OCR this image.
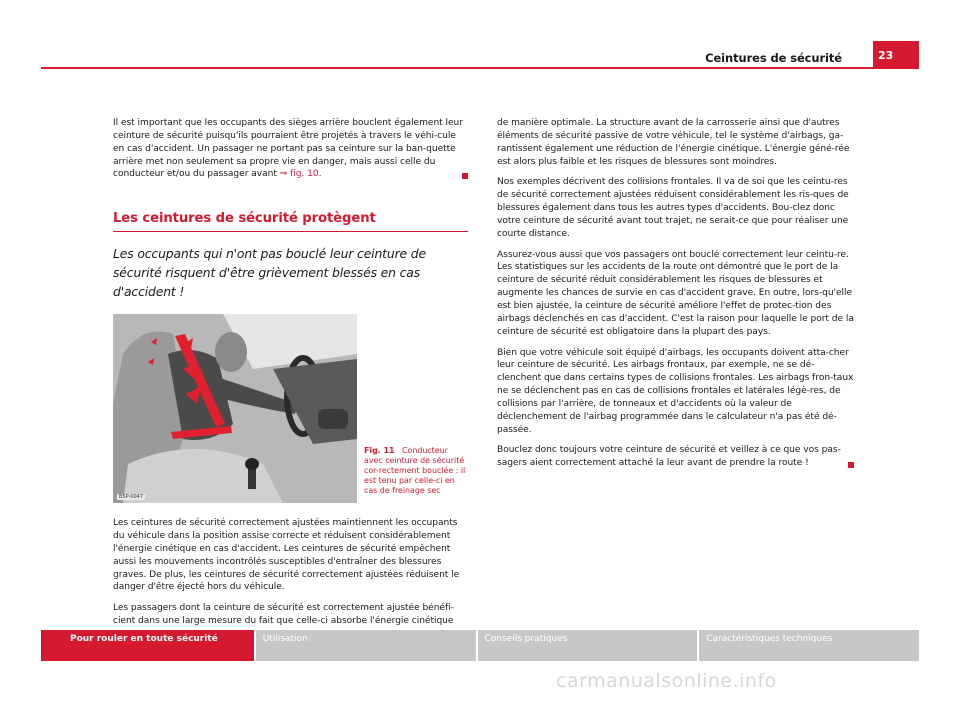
Ceintures de sécurité	23

Il est important que les occupants des sièges arrière bouclent également leur ceinture de sécurité puisqu'ils pourraient être projetés à travers le véhi-cule en cas d'accident. Un passager ne portant pas sa ceinture sur la ban-quette arrière met non seulement sa propre vie en danger, mais aussi celle du conducteur et/ou du passager avant ⇒ fig. 10.

Les ceintures de sécurité protègent
Les occupants qui n'ont pas bouclé leur ceinture de sécurité risquent d'être grièvement blessés en cas d'accident !
B5P-0047
Fig. 11 Conducteur avec ceinture de sécurité cor-rectement bouclée : il est tenu par celle-ci en cas de freinage sec

Les ceintures de sécurité correctement ajustées maintiennent les occupants du véhicule dans la position assise correcte et réduisent considérablement l'énergie cinétique en cas d'accident. Les ceintures de sécurité empêchent aussi les mouvements incontrôlés susceptibles d'entraîner des blessures graves. De plus, les ceintures de sécurité correctement ajustées réduisent le danger d'être éjecté hors du véhicule.

Les passagers dont la ceinture de sécurité est correctement ajustée bénéfi-cient dans une large mesure du fait que celle-ci absorbe l'énergie cinétique

de manière optimale. La structure avant de la carrosserie ainsi que d'autres éléments de sécurité passive de votre véhicule, tel le système d'airbags, ga-rantissent également une réduction de l'énergie cinétique. L'énergie géné-rée est alors plus faible et les risques de blessures sont moindres.

Nos exemples décrivent des collisions frontales. Il va de soi que les ceintu-res de sécurité correctement ajustées réduisent considérablement les ris-ques de blessures également dans tous les autres types d'accidents. Bou-clez donc votre ceinture de sécurité avant tout trajet, ne serait-ce que pour réaliser une courte distance.

Assurez-vous aussi que vos passagers ont bouclé correctement leur ceintu-re. Les statistiques sur les accidents de la route ont démontré que le port de la ceinture de sécurité réduit considérablement les risques de blessures et augmente les chances de survie en cas d'accident grave. En outre, lors-qu'elle est bien ajustée, la ceinture de sécurité améliore l'effet de protec-tion des airbags déclenchés en cas d'accident. C'est la raison pour laquelle le port de la ceinture de sécurité est obligatoire dans la plupart des pays.

Bien que votre véhicule soit équipé d'airbags, les occupants doivent atta-cher leur ceinture de sécurité. Les airbags frontaux, par exemple, ne se dé-clenchent que dans certains types de collisions frontales. Les airbags fron-taux ne se déclenchent pas en cas de collisions frontales et latérales légè-res, de collisions par l'arrière, de tonneaux et d'accidents où la valeur de déclenchement de l'airbag programmée dans le calculateur n'a pas été dé-passée.

Bouclez donc toujours votre ceinture de sécurité et veillez à ce que vos pas-sagers aient correctement attaché la leur avant de prendre la route !

Pour rouler en toute sécurité	Utilisation	Conseils pratiques	Caractéristiques techniques
carmanualsonline.info
